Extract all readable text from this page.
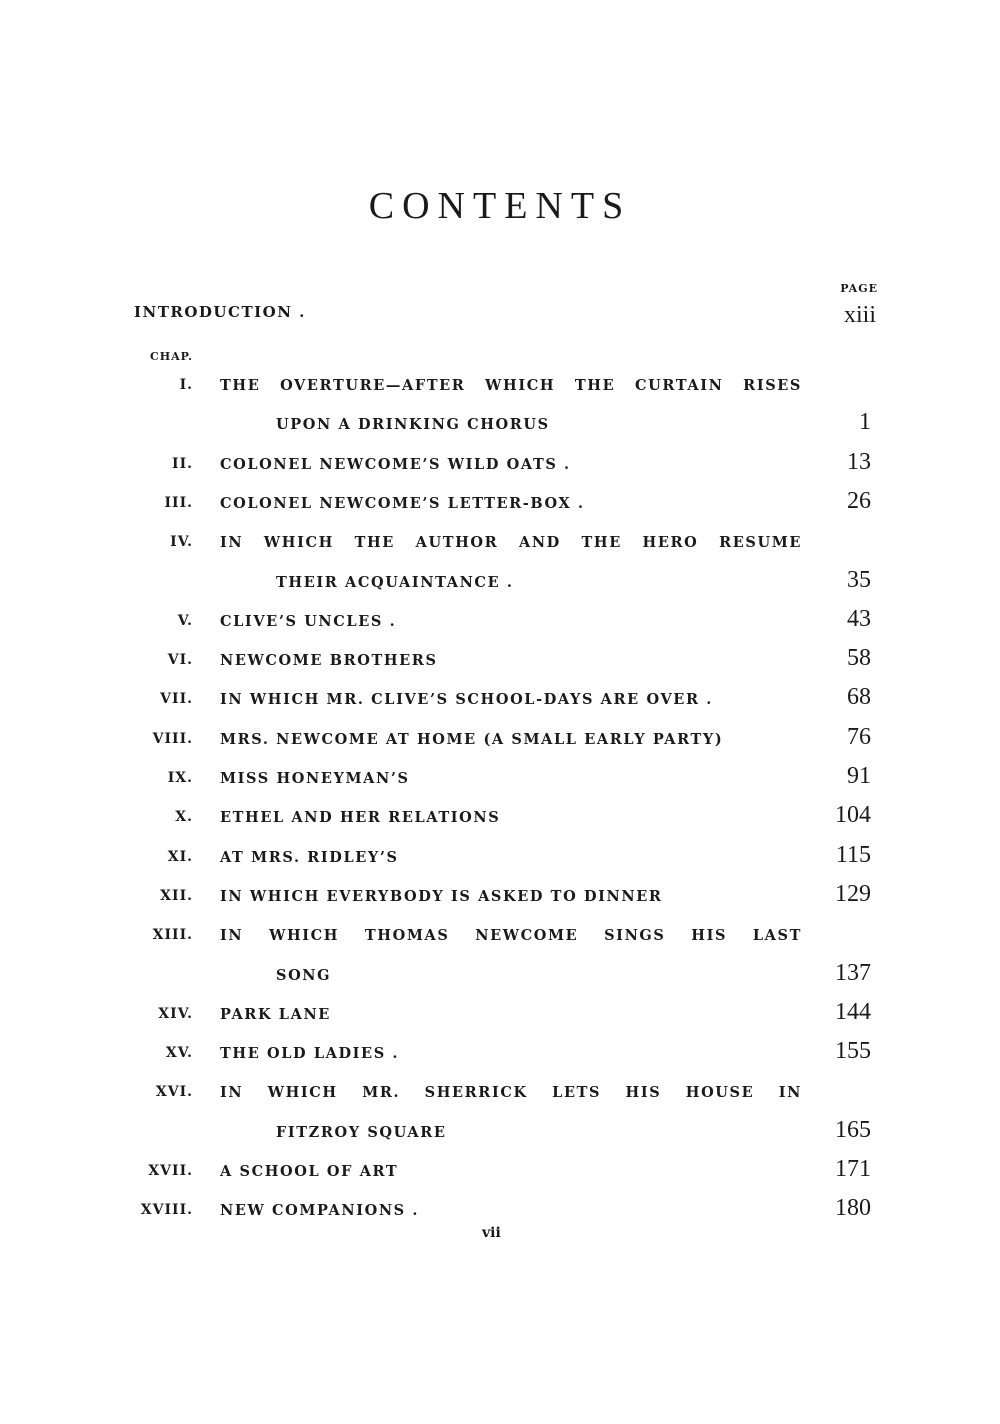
CONTENTS
PAGE
INTRODUCTION .	xiii
CHAP.
I. THE OVERTURE—AFTER WHICH THE CURTAIN RISES
UPON A DRINKING CHORUS	1
II. COLONEL NEWCOME’S WILD OATS .	13
III. COLONEL NEWCOME’S LETTER-BOX .	26
IV. IN WHICH THE AUTHOR AND THE HERO RESUME
THEIR ACQUAINTANCE .	35
V. CLIVE’S UNCLES .	43
VI. NEWCOME BROTHERS	58
VII. IN WHICH MR. CLIVE’S SCHOOL-DAYS ARE OVER .	68
VIII. MRS. NEWCOME AT HOME (A SMALL EARLY PARTY)	76
IX. MISS HONEYMAN’S	91
X. ETHEL AND HER RELATIONS	104
XI. AT MRS. RIDLEY’S	115
XII. IN WHICH EVERYBODY IS ASKED TO DINNER	129
XIII. IN WHICH THOMAS NEWCOME SINGS HIS LAST
SONG	137
XIV. PARK LANE	144
XV. THE OLD LADIES .	155
XVI. IN WHICH MR. SHERRICK LETS HIS HOUSE IN
FITZROY SQUARE	165
XVII. A SCHOOL OF ART	171
XVIII. NEW COMPANIONS .	180
vii
